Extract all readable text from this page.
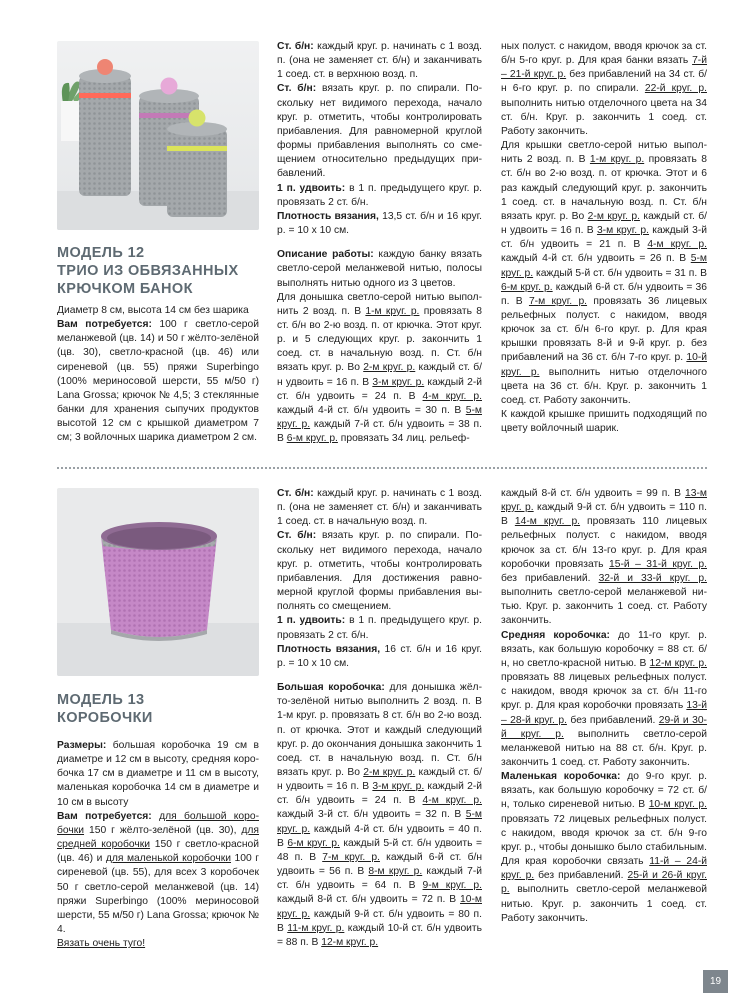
МОДЕЛЬ 12
ТРИО ИЗ ОБВЯЗАННЫХ
КРЮЧКОМ БАНОК

Диаметр 8 см, высота 14 см без шарика

Вам потребуется: 100 г светло-серой меланжевой (цв. 14) и 50 г жёлто-зелёной (цв. 30), светло-красной (цв. 46) или сиреневой (цв. 55) пряжи Superbingo (100% мериносовой шерсти, 55 м/50 г) Lana Grossa; крючок № 4,5; 3 стеклянные банки для хранения сыпучих продуктов высотой 12 см с крышкой диаметром 7 см; 3 войлочных шарика диаметром 2 см.

Ст. б/н: каждый круг. р. начинать с 1 возд. п. (она не заменяет ст. б/н) и заканчивать 1 соед. ст. в верхнюю возд. п.

Ст. б/н: вязать круг. р. по спирали. Поскольку нет видимого перехода, начало круг. р. отметить, чтобы контролировать прибавления. Для равномерной круглой формы прибавления выполнять со смещением относительно предыдущих прибавлений.

1 п. удвоить: в 1 п. предыдущего круг. р. провязать 2 ст. б/н.

Плотность вязания, 13,5 ст. б/н и 16 круг. р. = 10 х 10 см.

Описание работы: каждую банку вязать светло-серой меланжевой нитью, полосы выполнять нитью одного из 3 цветов.

Для донышка светло-серой нитью выполнить 2 возд. п. В 1-м круг. р. провязать 8 ст. б/н во 2-ю возд. п. от крючка. Этот круг. р. и 5 следующих круг. р. закончить 1 соед. ст. в начальную возд. п. Ст. б/н вязать круг. р. Во 2-м круг. р. каждый ст. б/н удвоить = 16 п. В 3-м круг. р. каждый 2-й ст. б/н удвоить = 24 п. В 4-м круг. р. каждый 4-й ст. б/н удвоить = 30 п. В 5-м круг. р. каждый 7-й ст. б/н удвоить = 38 п. В 6-м круг. р. провязать 34 лиц. рельеф-

ных полуст. с накидом, вводя крючок за ст. б/н 5-го круг. р. Для края банки вязать 7-й – 21-й круг. р. без прибавлений на 34 ст. б/н 6-го круг. р. по спирали. 22-й круг. р. выполнить нитью отделочного цвета на 34 ст. б/н. Круг. р. закончить 1 соед. ст. Работу закончить.

Для крышки светло-серой нитью выполнить 2 возд. п. В 1-м круг. р. провязать 8 ст. б/н во 2-ю возд. п. от крючка. Этот и 6 раз каждый следующий круг. р. закончить 1 соед. ст. в начальную возд. п. Ст. б/н вязать круг. р. Во 2-м круг. р. каждый ст. б/н удвоить = 16 п. В 3-м круг. р. каждый 3-й ст. б/н удвоить = 21 п. В 4-м круг. р. каждый 4-й ст. б/н удвоить = 26 п. В 5-м круг. р. каждый 5-й ст. б/н удвоить = 31 п. В 6-м круг. р. каждый 6-й ст. б/н удвоить = 36 п. В 7-м круг. р. провязать 36 лицевых рельефных полуст. с накидом, вводя крючок за ст. б/н 6-го круг. р. Для края крышки провязать 8-й и 9-й круг. р. без прибавлений на 36 ст. б/н 7-го круг. р. 10-й круг. р. выполнить нитью отделочного цвета на 36 ст. б/н. Круг. р. закончить 1 соед. ст. Работу закончить.

К каждой крышке пришить подходящий по цвету войлочный шарик.

МОДЕЛЬ 13
КОРОБОЧКИ

Размеры: большая коробочка 19 см в диаметре и 12 см в высоту, средняя коробочка 17 см в диаметре и 11 см в высоту, маленькая коробочка 14 см в диаметре и 10 см в высоту

Вам потребуется: для большой коробочки 150 г жёлто-зелёной (цв. 30), для средней коробочки 150 г светло-красной (цв. 46) и для маленькой коробочки 100 г сиреневой (цв. 55), для всех 3 коробочек 50 г светло-серой меланжевой (цв. 14) пряжи Superbingo (100% мериносовой шерсти, 55 м/50 г) Lana Grossa; крючок № 4.

Вязать очень туго!

Ст. б/н: каждый круг. р. начинать с 1 возд. п. (она не заменяет ст. б/н) и заканчивать 1 соед. ст. в начальную возд. п.

Ст. б/н: вязать круг. р. по спирали. Поскольку нет видимого перехода, начало круг. р. отметить, чтобы контролировать прибавления. Для достижения равномерной круглой формы прибавления выполнять со смещением.

1 п. удвоить: в 1 п. предыдущего круг. р. провязать 2 ст. б/н.

Плотность вязания, 16 ст. б/н и 16 круг. р. = 10 х 10 см.

Большая коробочка: для донышка жёлто-зелёной нитью выполнить 2 возд. п. В 1-м круг. р. провязать 8 ст. б/н во 2-ю возд. п. от крючка. Этот и каждый следующий круг. р. до окончания донышка закончить 1 соед. ст. в начальную возд. п. Ст. б/н вязать круг. р. Во 2-м круг. р. каждый ст. б/н удвоить = 16 п. В 3-м круг. р. каждый 2-й ст. б/н удвоить = 24 п. В 4-м круг. р. каждый 3-й ст. б/н удвоить = 32 п. В 5-м круг. р. каждый 4-й ст. б/н удвоить = 40 п. В 6-м круг. р. каждый 5-й ст. б/н удвоить = 48 п. В 7-м круг. р. каждый 6-й ст. б/н удвоить = 56 п. В 8-м круг. р. каждый 7-й ст. б/н удвоить = 64 п. В 9-м круг. р. каждый 8-й ст. б/н удвоить = 72 п. В 10-м круг. р. каждый 9-й ст. б/н удвоить = 80 п. В 11-м круг. р. каждый 10-й ст. б/н удвоить = 88 п. В 12-м круг. р.

каждый 8-й ст. б/н удвоить = 99 п. В 13-м круг. р. каждый 9-й ст. б/н удвоить = 110 п. В 14-м круг. р. провязать 110 лицевых рельефных полуст. с накидом, вводя крючок за ст. б/н 13-го круг. р. Для края коробочки провязать 15-й – 31-й круг. р. без прибавлений. 32-й и 33-й круг. р. выполнить светло-серой меланжевой нитью. Круг. р. закончить 1 соед. ст. Работу закончить.

Средняя коробочка: до 11-го круг. р. вязать, как большую коробочку = 88 ст. б/н, но светло-красной нитью. В 12-м круг. р. провязать 88 лицевых рельефных полуст. с накидом, вводя крючок за ст. б/н 11-го круг. р. Для края коробочки провязать 13-й – 28-й круг. р. без прибавлений. 29-й и 30-й круг. р. выполнить светло-серой меланжевой нитью на 88 ст. б/н. Круг. р. закончить 1 соед. ст. Работу закончить.

Маленькая коробочка: до 9-го круг. р. вязать, как большую коробочку = 72 ст. б/н, только сиреневой нитью. В 10-м круг. р. провязать 72 лицевых рельефных полуст. с накидом, вводя крючок за ст. б/н 9-го круг. р., чтобы донышко было стабильным. Для края коробочки связать 11-й – 24-й круг. р. без прибавлений. 25-й и 26-й круг. р. выполнить светло-серой меланжевой нитью. Круг. р. закончить 1 соед. ст. Работу закончить.

19
